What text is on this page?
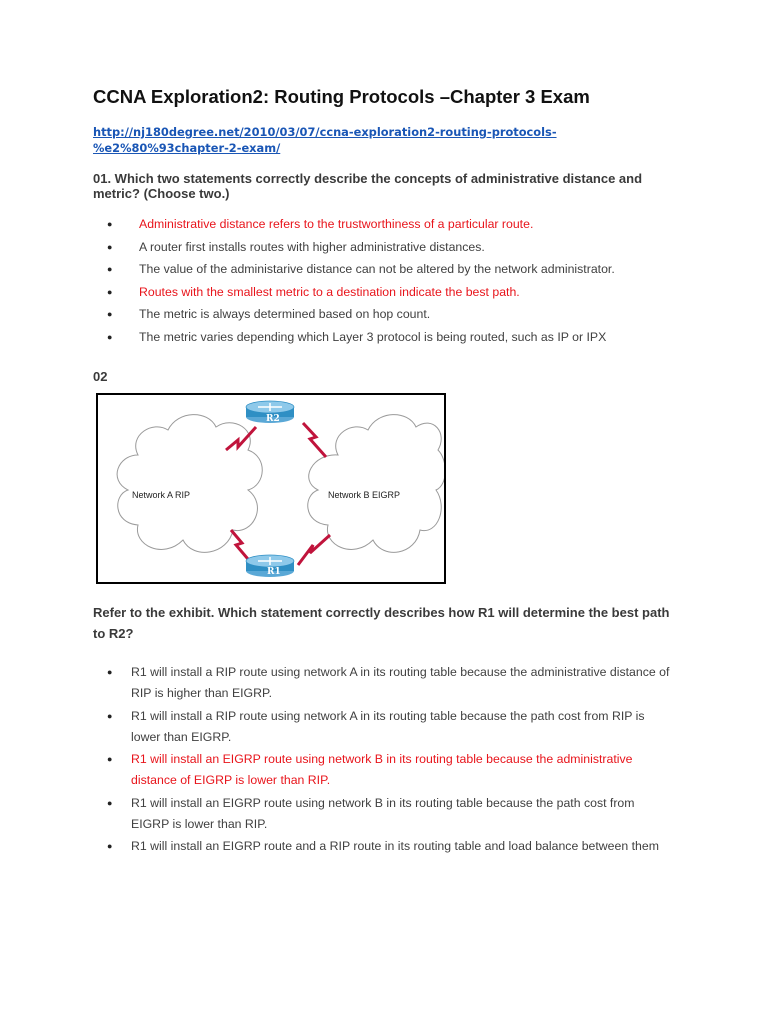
CCNA Exploration2: Routing Protocols –Chapter 3 Exam
http://nj180degree.net/2010/03/07/ccna-exploration2-routing-protocols-%e2%80%93chapter-2-exam/
01. Which two statements correctly describe the concepts of administrative distance and metric? (Choose two.)
● Administrative distance refers to the trustworthiness of a particular route.
● A router first installs routes with higher administrative distances.
● The value of the administarive distance can not be altered by the network administrator.
● Routes with the smallest metric to a destination indicate the best path.
● The metric is always determined based on hop count.
● The metric varies depending which Layer 3 protocol is being routed, such as IP or IPX
02
Network A RIP	Network B EIGRP
R2
R1
Refer to the exhibit. Which statement correctly describes how R1 will determine the best path to R2?
● R1 will install a RIP route using network A in its routing table because the administrative distance of RIP is higher than EIGRP.
● R1 will install a RIP route using network A in its routing table because the path cost from RIP is lower than EIGRP.
● R1 will install an EIGRP route using network B in its routing table because the administrative distance of EIGRP is lower than RIP.
● R1 will install an EIGRP route using network B in its routing table because the path cost from EIGRP is lower than RIP.
● R1 will install an EIGRP route and a RIP route in its routing table and load balance between them
